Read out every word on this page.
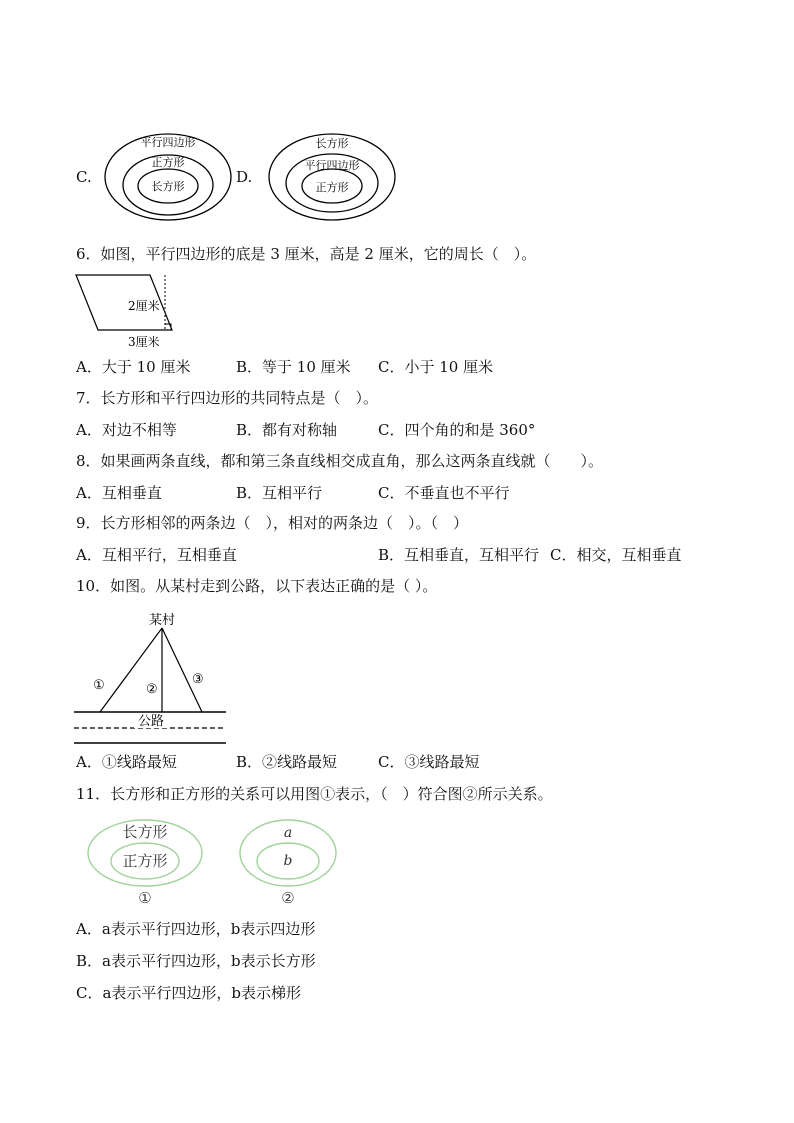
C.
平行四边形
正方形
长方形
D.
长方形
平行四边形
正方形
6．如图，平行四边形的底是 3 厘米，高是 2 厘米，它的周长（　）。
2厘米
3厘米
A．大于 10 厘米	B．等于 10 厘米 C．小于 10 厘米
7．长方形和平行四边形的共同特点是（　）。
A．对边不相等	B．都有对称轴	C．四个角的和是 360°
8．如果画两条直线，都和第三条直线相交成直角，那么这两条直线就（　　）。
A．互相垂直	B．互相平行	C．不垂直也不平行
9．长方形相邻的两条边（　），相对的两条边（　）。（　）
A．互相平行，互相垂直	B．互相垂直，互相平行 C．相交，互相垂直
10．如图。从某村走到公路，以下表达正确的是（ ）。
某村
①	②
③
公路
A．①线路最短	B．②线路最短	C．③线路最短
11．长方形和正方形的关系可以用图①表示，（　）符合图②所示关系。
长方形
正方形
①
a
b
②
A．a表示平行四边形，b表示四边形
B．a表示平行四边形，b表示长方形
C．a表示平行四边形，b表示梯形
